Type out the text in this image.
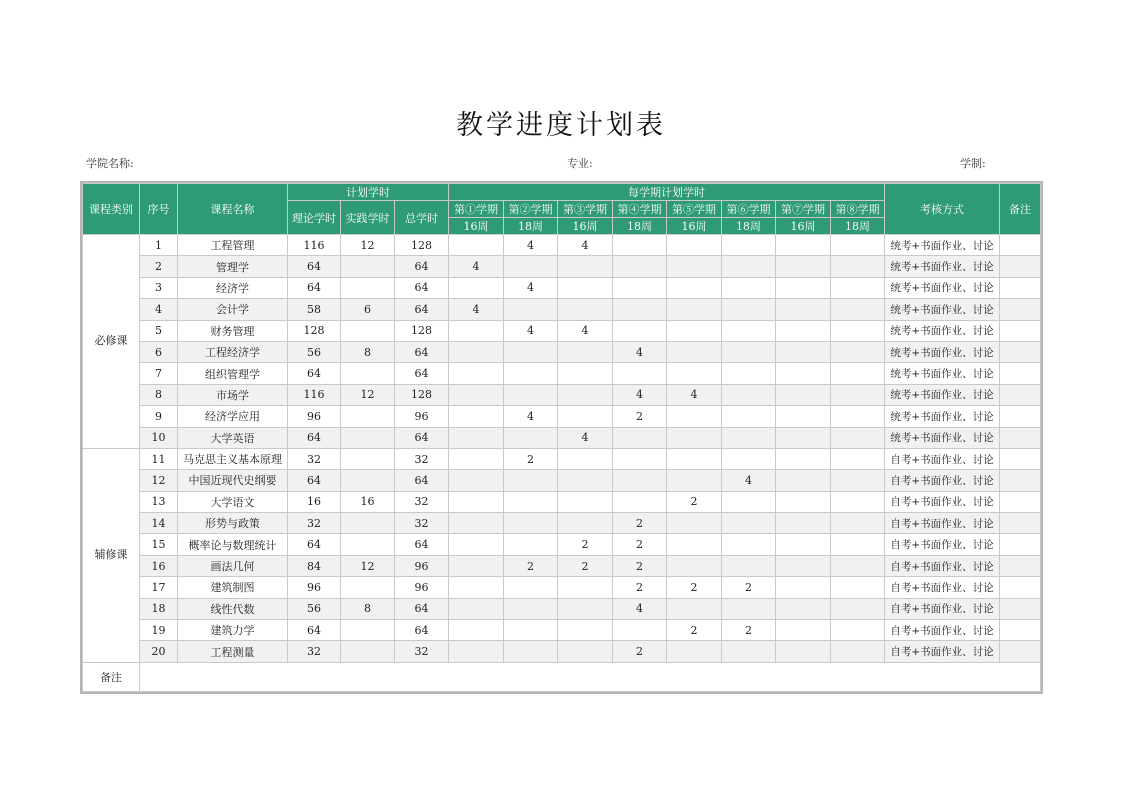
教学进度计划表
学院名称:	专业:	学制:
课程类别	序号	课程名称	计划学时			每学期计划学时								考核方式	备注
			理论学时	实践学时	总学时	第①学期	第②学期	第③学期	第④学期	第⑤学期	第⑥学期	第⑦学期	第⑧学期		
						16周	18周	16周	18周	16周	18周	16周	18周		
必修课	1	工程管理	116	12	128		4	4						统考+书面作业、讨论	
	2	管理学	64		64	4								统考+书面作业、讨论	
	3	经济学	64		64		4							统考+书面作业、讨论	
	4	会计学	58	6	64	4								统考+书面作业、讨论	
	5	财务管理	128		128		4	4						统考+书面作业、讨论	
	6	工程经济学	56	8	64				4					统考+书面作业、讨论	
	7	组织管理学	64		64									统考+书面作业、讨论	
	8	市场学	116	12	128				4	4				统考+书面作业、讨论	
	9	经济学应用	96		96		4		2					统考+书面作业、讨论	
	10	大学英语	64		64			4						统考+书面作业、讨论	
辅修课	11	马克思主义基本原理	32		32		2							自考+书面作业、讨论	
	12	中国近现代史纲要	64		64						4			自考+书面作业、讨论	
	13	大学语文	16	16	32					2				自考+书面作业、讨论	
	14	形势与政策	32		32				2					自考+书面作业、讨论	
	15	概率论与数理统计	64		64			2	2					自考+书面作业、讨论	
	16	画法几何	84	12	96		2	2	2					自考+书面作业、讨论	
	17	建筑制图	96		96				2	2	2			自考+书面作业、讨论	
	18	线性代数	56	8	64				4					自考+书面作业、讨论	
	19	建筑力学	64		64					2	2			自考+书面作业、讨论	
	20	工程测量	32		32				2					自考+书面作业、讨论	
备注															
